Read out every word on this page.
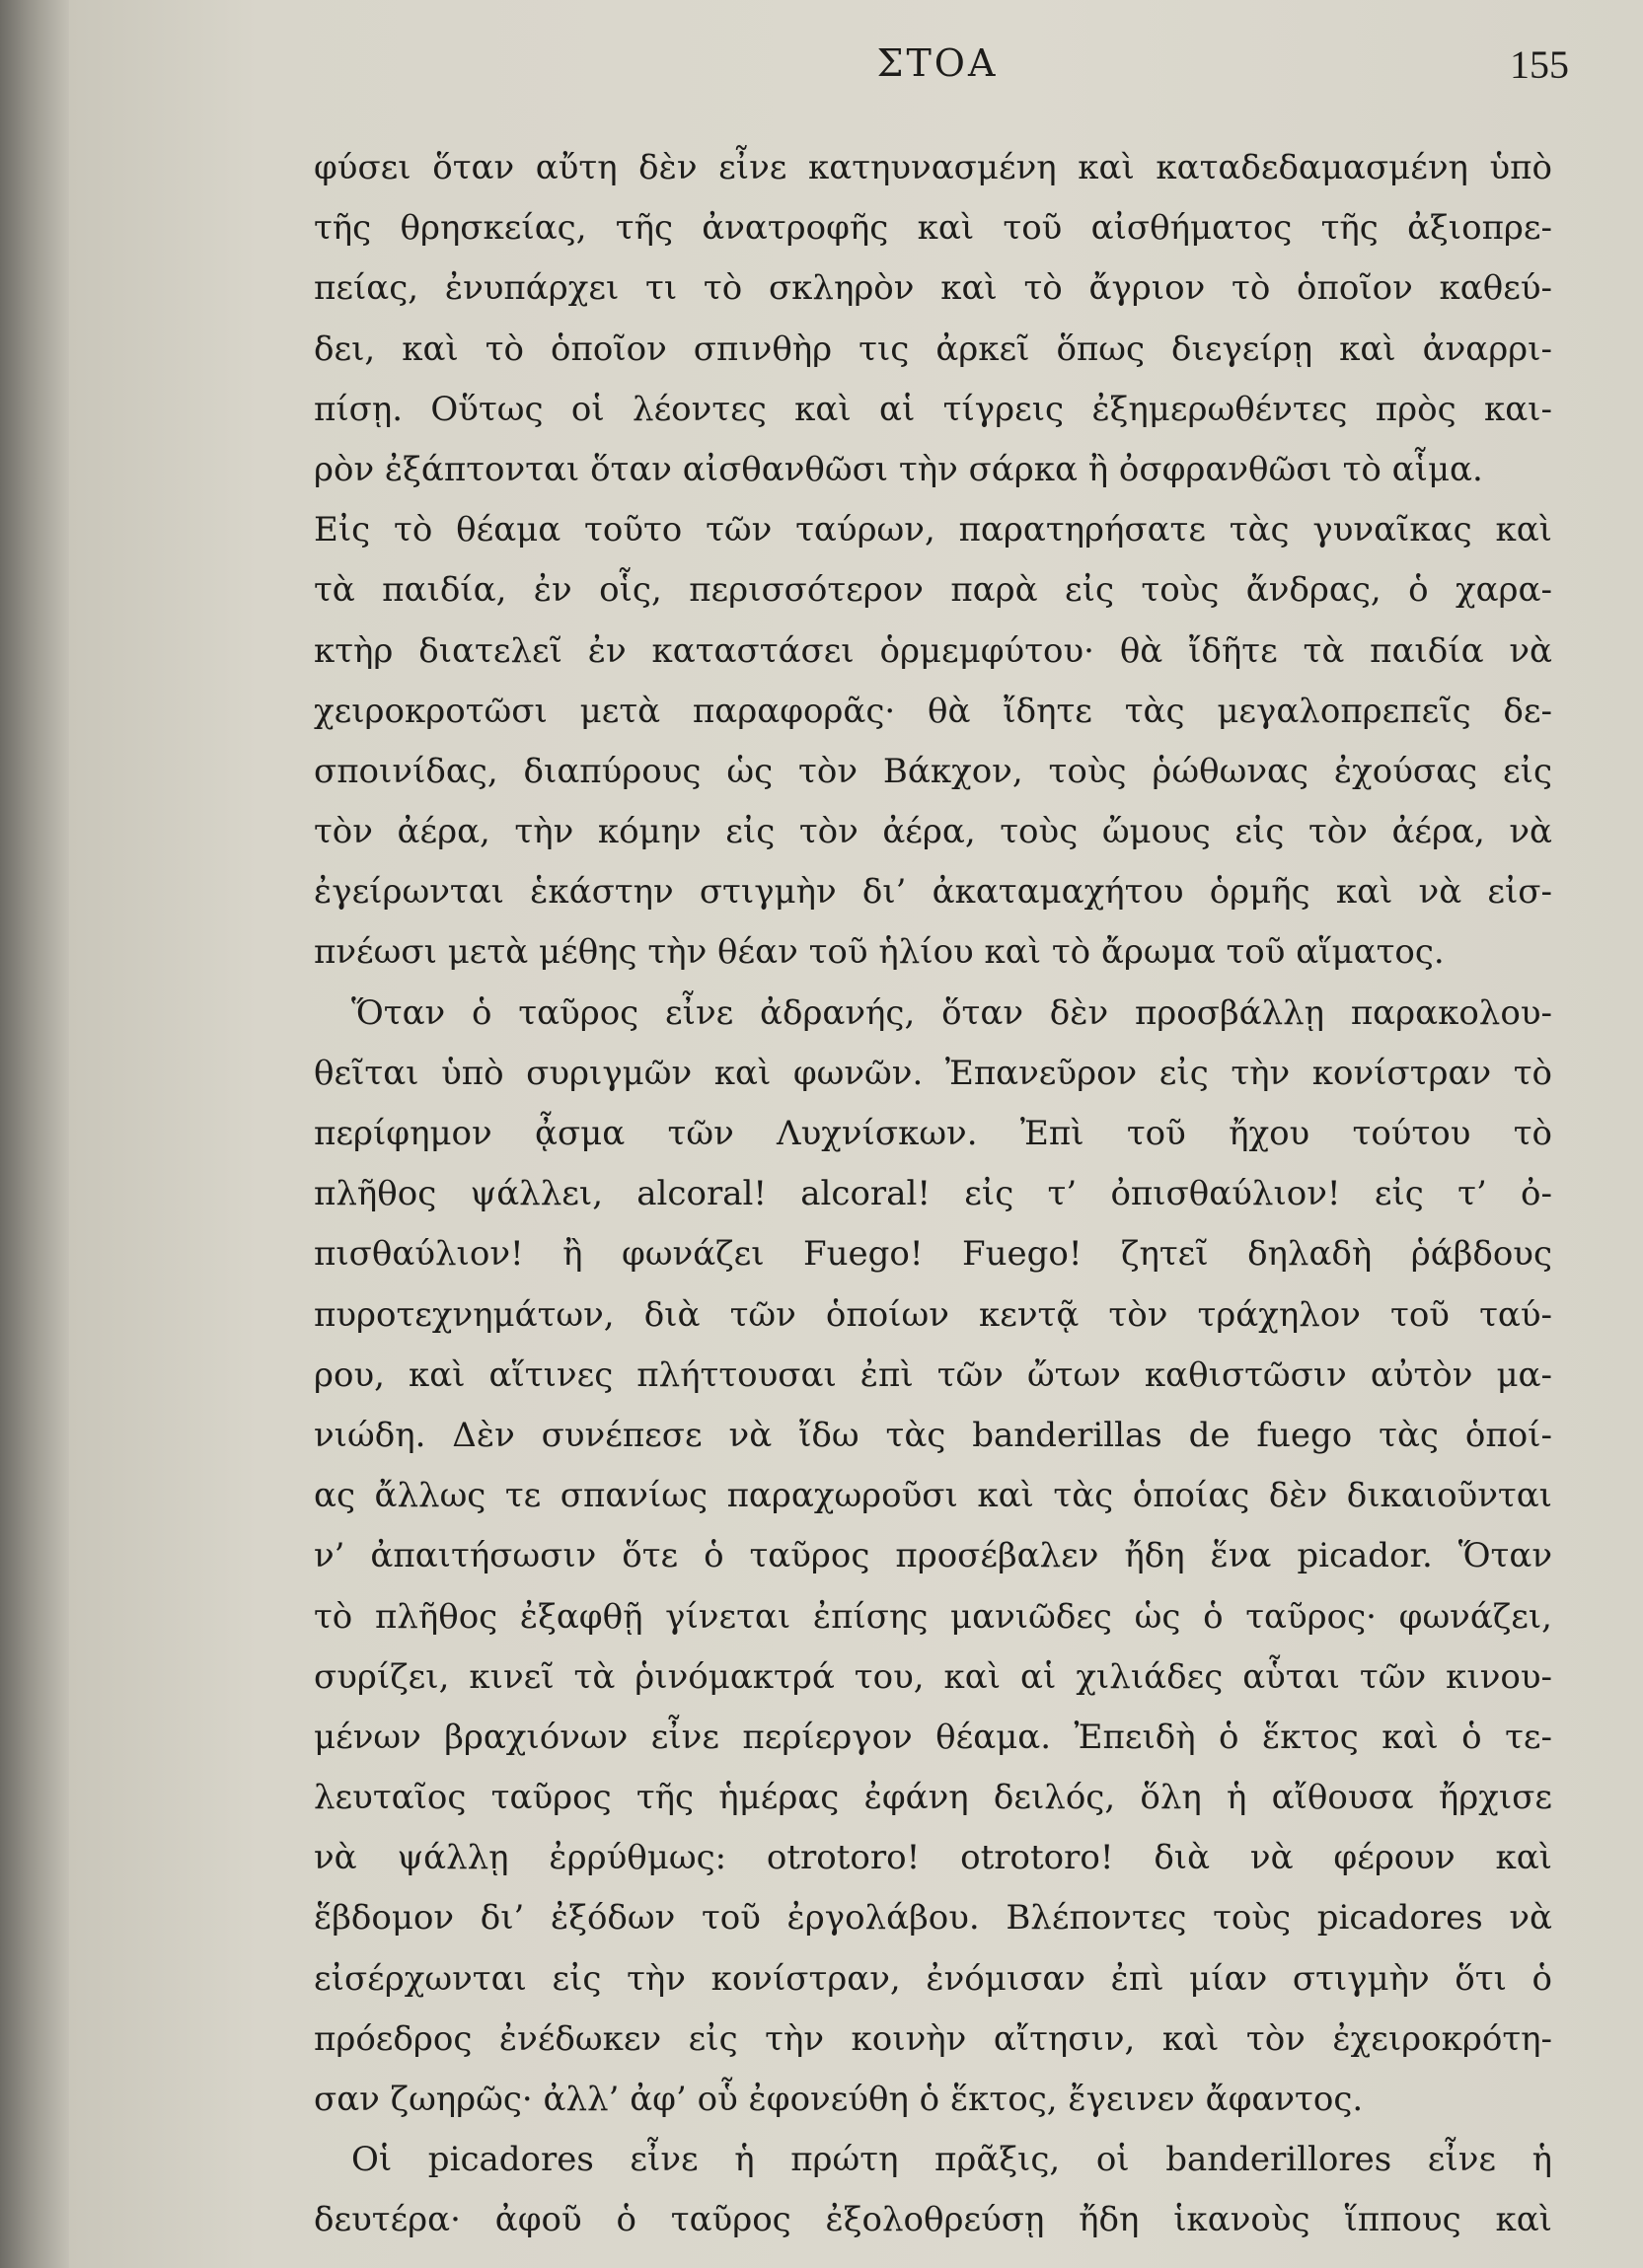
ΣΤΟΑ	155
φύσει ὅταν αὔτη δὲν εἶνε κατηυνασμένη καὶ καταδεδαμασμένη ὑπὸ
τῆς θρησκείας, τῆς ἀνατροφῆς καὶ τοῦ αἰσθήματος τῆς ἀξιοπρε-
πείας, ἐνυπάρχει τι τὸ σκληρὸν καὶ τὸ ἄγριον τὸ ὁποῖον καθεύ-
δει, καὶ τὸ ὁποῖον σπινθὴρ τις ἀρκεῖ ὅπως διεγείρῃ καὶ ἀναρρι-
πίσῃ. Οὕτως οἱ λέοντες καὶ αἱ τίγρεις ἐξημερωθέντες πρὸς και-
ρὸν ἐξάπτονται ὅταν αἰσθανθῶσι τὴν σάρκα ἢ ὀσφρανθῶσι τὸ αἷμα.
Εἰς τὸ θέαμα τοῦτο τῶν ταύρων, παρατηρήσατε τὰς γυναῖκας καὶ
τὰ παιδία, ἐν οἷς, περισσότερον παρὰ εἰς τοὺς ἄνδρας, ὁ χαρα-
κτὴρ διατελεῖ ἐν καταστάσει ὁρμεμφύτου· θὰ ἴδῆτε τὰ παιδία νὰ
χειροκροτῶσι μετὰ παραφορᾶς· θὰ ἴδητε τὰς μεγαλοπρεπεῖς δε-
σποινίδας, διαπύρους ὡς τὸν Βάκχον, τοὺς ῥώθωνας ἐχούσας εἰς
τὸν ἀέρα, τὴν κόμην εἰς τὸν ἀέρα, τοὺς ὤμους εἰς τὸν ἀέρα, νὰ
ἐγείρωνται ἑκάστην στιγμὴν δι’ ἀκαταμαχήτου ὁρμῆς καὶ νὰ εἰσ-
πνέωσι μετὰ μέθης τὴν θέαν τοῦ ἡλίου καὶ τὸ ἄρωμα τοῦ αἵματος.
Ὅταν ὁ ταῦρος εἶνε ἀδρανής, ὅταν δὲν προσβάλλῃ παρακολου-
θεῖται ὑπὸ συριγμῶν καὶ φωνῶν. Ἐπανεῦρον εἰς τὴν κονίστραν τὸ
περίφημον ᾆσμα τῶν Λυχνίσκων. Ἐπὶ τοῦ ἤχου τούτου τὸ
πλῆθος ψάλλει, alcoral! alcoral! εἰς τ’ ὀπισθαύλιον! εἰς τ’ ὀ-
πισθαύλιον! ἢ φωνάζει Fuego! Fuego! ζητεῖ δηλαδὴ ῥάβδους
πυροτεχνημάτων, διὰ τῶν ὁποίων κεντᾷ τὸν τράχηλον τοῦ ταύ-
ρου, καὶ αἵτινες πλήττουσαι ἐπὶ τῶν ὤτων καθιστῶσιν αὐτὸν μα-
νιώδη. Δὲν συνέπεσε νὰ ἴδω τὰς banderillas de fuego τὰς ὁποί-
ας ἄλλως τε σπανίως παραχωροῦσι καὶ τὰς ὁποίας δὲν δικαιοῦνται
ν’ ἀπαιτήσωσιν ὅτε ὁ ταῦρος προσέβαλεν ἤδη ἕνα picador. Ὅταν
τὸ πλῆθος ἐξαφθῇ γίνεται ἐπίσης μανιῶδες ὡς ὁ ταῦρος· φωνάζει,
συρίζει, κινεῖ τὰ ῥινόμακτρά του, καὶ αἱ χιλιάδες αὗται τῶν κινου-
μένων βραχιόνων εἶνε περίεργον θέαμα. Ἐπειδὴ ὁ ἕκτος καὶ ὁ τε-
λευταῖος ταῦρος τῆς ἡμέρας ἐφάνη δειλός, ὅλη ἡ αἴθουσα ἤρχισε
νὰ ψάλλῃ ἐρρύθμως: otrotoro! otrotoro! διὰ νὰ φέρουν καὶ
ἕβδομον δι’ ἐξόδων τοῦ ἐργολάβου. Βλέποντες τοὺς picadores νὰ
εἰσέρχωνται εἰς τὴν κονίστραν, ἐνόμισαν ἐπὶ μίαν στιγμὴν ὅτι ὁ
πρόεδρος ἐνέδωκεν εἰς τὴν κοινὴν αἴτησιν, καὶ τὸν ἐχειροκρότη-
σαν ζωηρῶς· ἀλλ’ ἀφ’ οὗ ἐφονεύθη ὁ ἕκτος, ἔγεινεν ἄφαντος.
Οἱ picadores εἶνε ἡ πρώτη πρᾶξις, οἱ banderillores εἶνε ἡ
δευτέρα· ἀφοῦ ὁ ταῦρος ἐξολοθρεύσῃ ἤδη ἱκανοὺς ἵππους καὶ
